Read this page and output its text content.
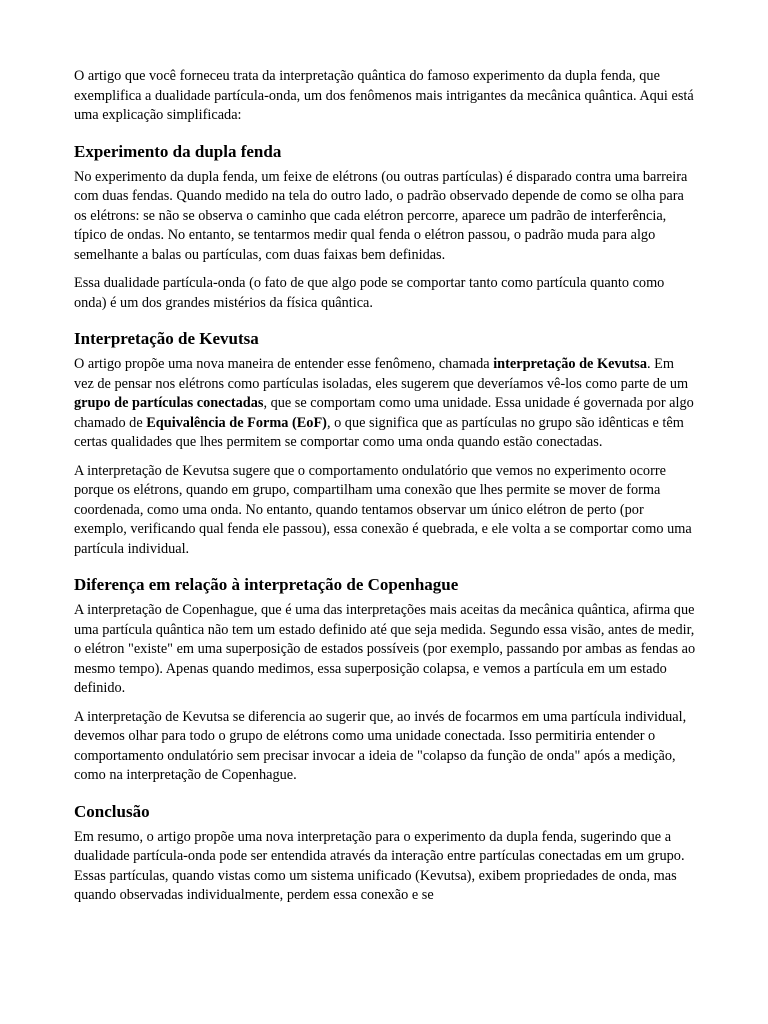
O artigo que você forneceu trata da interpretação quântica do famoso experimento da dupla fenda, que exemplifica a dualidade partícula-onda, um dos fenômenos mais intrigantes da mecânica quântica. Aqui está uma explicação simplificada:

Experimento da dupla fenda

No experimento da dupla fenda, um feixe de elétrons (ou outras partículas) é disparado contra uma barreira com duas fendas. Quando medido na tela do outro lado, o padrão observado depende de como se olha para os elétrons: se não se observa o caminho que cada elétron percorre, aparece um padrão de interferência, típico de ondas. No entanto, se tentarmos medir qual fenda o elétron passou, o padrão muda para algo semelhante a balas ou partículas, com duas faixas bem definidas.

Essa dualidade partícula-onda (o fato de que algo pode se comportar tanto como partícula quanto como onda) é um dos grandes mistérios da física quântica.

Interpretação de Kevutsa

O artigo propõe uma nova maneira de entender esse fenômeno, chamada interpretação de Kevutsa. Em vez de pensar nos elétrons como partículas isoladas, eles sugerem que deveríamos vê-los como parte de um grupo de partículas conectadas, que se comportam como uma unidade. Essa unidade é governada por algo chamado de Equivalência de Forma (EoF), o que significa que as partículas no grupo são idênticas e têm certas qualidades que lhes permitem se comportar como uma onda quando estão conectadas.

A interpretação de Kevutsa sugere que o comportamento ondulatório que vemos no experimento ocorre porque os elétrons, quando em grupo, compartilham uma conexão que lhes permite se mover de forma coordenada, como uma onda. No entanto, quando tentamos observar um único elétron de perto (por exemplo, verificando qual fenda ele passou), essa conexão é quebrada, e ele volta a se comportar como uma partícula individual.

Diferença em relação à interpretação de Copenhague

A interpretação de Copenhague, que é uma das interpretações mais aceitas da mecânica quântica, afirma que uma partícula quântica não tem um estado definido até que seja medida. Segundo essa visão, antes de medir, o elétron "existe" em uma superposição de estados possíveis (por exemplo, passando por ambas as fendas ao mesmo tempo). Apenas quando medimos, essa superposição colapsa, e vemos a partícula em um estado definido.

A interpretação de Kevutsa se diferencia ao sugerir que, ao invés de focarmos em uma partícula individual, devemos olhar para todo o grupo de elétrons como uma unidade conectada. Isso permitiria entender o comportamento ondulatório sem precisar invocar a ideia de "colapso da função de onda" após a medição, como na interpretação de Copenhague.

Conclusão

Em resumo, o artigo propõe uma nova interpretação para o experimento da dupla fenda, sugerindo que a dualidade partícula-onda pode ser entendida através da interação entre partículas conectadas em um grupo. Essas partículas, quando vistas como um sistema unificado (Kevutsa), exibem propriedades de onda, mas quando observadas individualmente, perdem essa conexão e se
